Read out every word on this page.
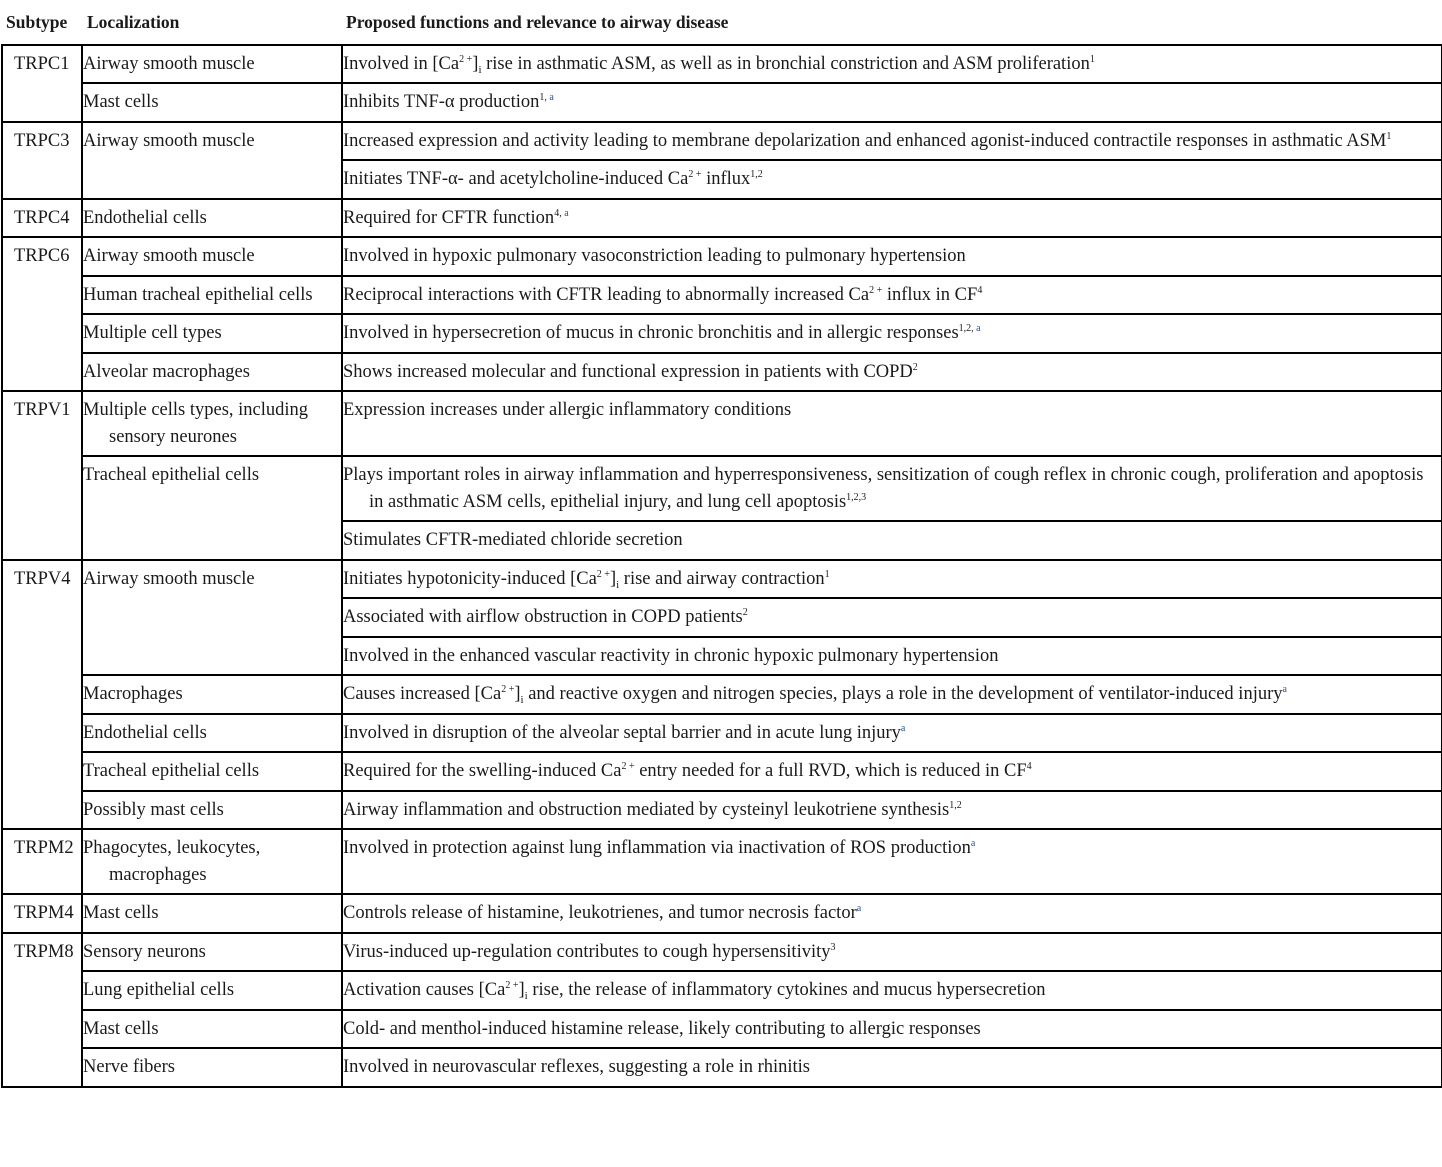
Subtype	Localization	Proposed functions and relevance to airway disease
TRPC1	Airway smooth muscle	Involved in $[Ca^{2 +}]_i$ rise in asthmatic ASM, as well as in bronchial constriction and ASM proliferation$^1$
	Mast cells	Inhibits TNF-α production$^{1,}$ $^a$
TRPC3	Airway smooth muscle	Increased expression and activity leading to membrane depolarization and enhanced agonist-induced contractile responses in asthmatic ASM$^1$
		Initiates TNF-α- and acetylcholine-induced $Ca^{2 +}$ influx$^{1,2}$
TRPC4	Endothelial cells	Required for CFTR function$^{4,}$ $^a$
TRPC6	Airway smooth muscle	Involved in hypoxic pulmonary vasoconstriction leading to pulmonary hypertension
	Human tracheal epithelial cells	Reciprocal interactions with CFTR leading to abnormally increased $Ca^{2 +}$ influx in $CF^4$
	Multiple cell types	Involved in hypersecretion of mucus in chronic bronchitis and in allergic responses$^{1,2,}$ $^a$
	Alveolar macrophages	Shows increased molecular and functional expression in patients with COPD$^2$
TRPV1	Multiple cells types, including sensory neurones	Expression increases under allergic inflammatory conditions
	Tracheal epithelial cells	Plays important roles in airway inflammation and hyperresponsiveness, sensitization of cough reflex in chronic cough, proliferation and apoptosis in asthmatic ASM cells, epithelial injury, and lung cell apoptosis$^{1,2,3}$
		Stimulates CFTR-mediated chloride secretion
TRPV4	Airway smooth muscle	Initiates hypotonicity-induced $[Ca^{2 +}]_i$ rise and airway contraction$^1$
		Associated with airflow obstruction in COPD patients$^2$
		Involved in the enhanced vascular reactivity in chronic hypoxic pulmonary hypertension
	Macrophages	Causes increased $[Ca^{2 +}]_i$ and reactive oxygen and nitrogen species, plays a role in the development of ventilator-induced injury$^a$
	Endothelial cells	Involved in disruption of the alveolar septal barrier and in acute lung injury$^a$
	Tracheal epithelial cells	Required for the swelling-induced $Ca^{2 +}$ entry needed for a full RVD, which is reduced in $CF^4$
	Possibly mast cells	Airway inflammation and obstruction mediated by cysteinyl leukotriene synthesis$^{1,2}$
TRPM2	Phagocytes, leukocytes, macrophages	Involved in protection against lung inflammation via inactivation of ROS production$^a$
TRPM4	Mast cells	Controls release of histamine, leukotrienes, and tumor necrosis factor$^a$
TRPM8	Sensory neurons	Virus-induced up-regulation contributes to cough hypersensitivity$^3$
	Lung epithelial cells	Activation causes $[Ca^{2 +}]_i$ rise, the release of inflammatory cytokines and mucus hypersecretion
	Mast cells	Cold- and menthol-induced histamine release, likely contributing to allergic responses
	Nerve fibers	Involved in neurovascular reflexes, suggesting a role in rhinitis
